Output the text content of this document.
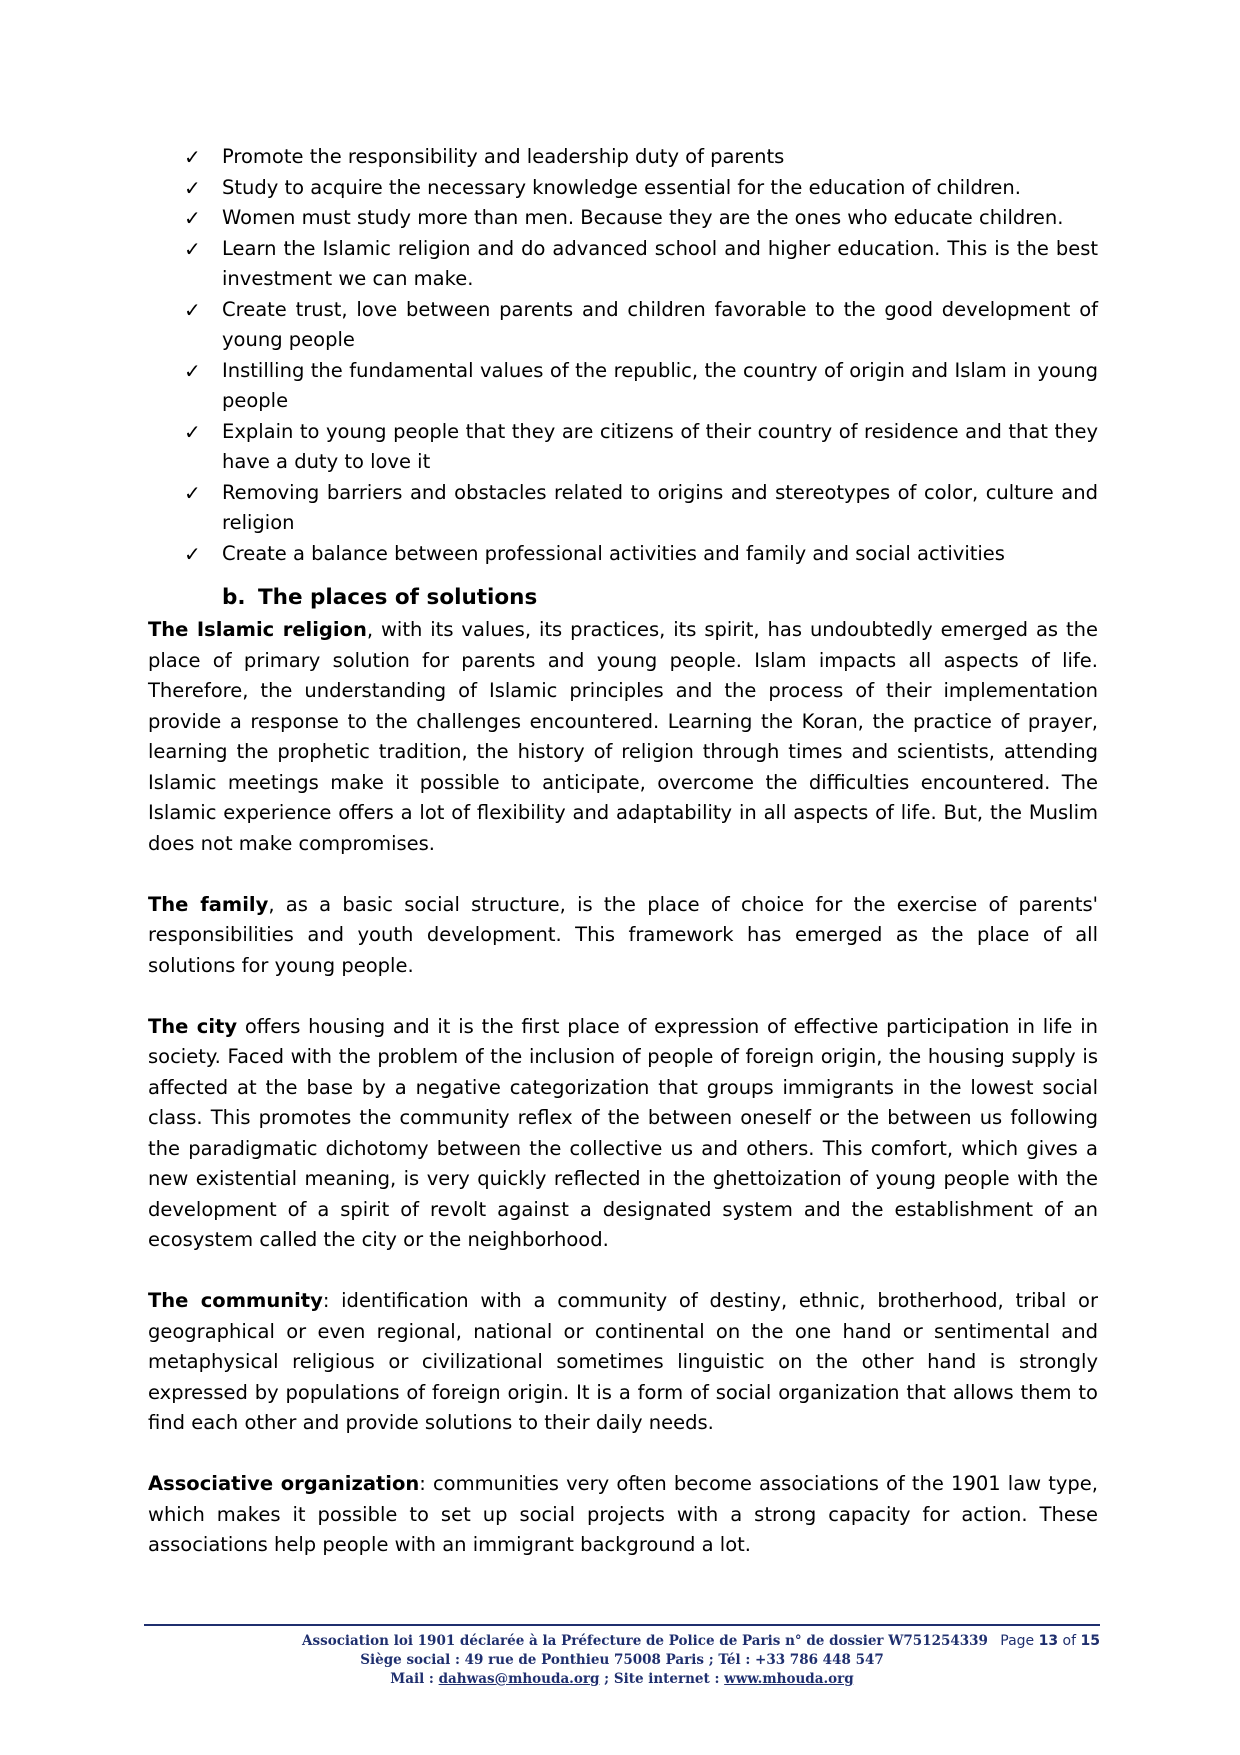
✓ Promote the responsibility and leadership duty of parents
✓ Study to acquire the necessary knowledge essential for the education of children.
✓ Women must study more than men. Because they are the ones who educate children.
✓ Learn the Islamic religion and do advanced school and higher education. This is the best investment we can make.
✓ Create trust, love between parents and children favorable to the good development of young people
✓ Instilling the fundamental values of the republic, the country of origin and Islam in young people
✓ Explain to young people that they are citizens of their country of residence and that they have a duty to love it
✓ Removing barriers and obstacles related to origins and stereotypes of color, culture and religion
✓ Create a balance between professional activities and family and social activities
b. The places of solutions

The Islamic religion, with its values, its practices, its spirit, has undoubtedly emerged as the place of primary solution for parents and young people. Islam impacts all aspects of life. Therefore, the understanding of Islamic principles and the process of their implementation provide a response to the challenges encountered. Learning the Koran, the practice of prayer, learning the prophetic tradition, the history of religion through times and scientists, attending Islamic meetings make it possible to anticipate, overcome the difficulties encountered. The Islamic experience offers a lot of flexibility and adaptability in all aspects of life. But, the Muslim does not make compromises.

The family, as a basic social structure, is the place of choice for the exercise of parents' responsibilities and youth development. This framework has emerged as the place of all solutions for young people.

The city offers housing and it is the first place of expression of effective participation in life in society. Faced with the problem of the inclusion of people of foreign origin, the housing supply is affected at the base by a negative categorization that groups immigrants in the lowest social class. This promotes the community reflex of the between oneself or the between us following the paradigmatic dichotomy between the collective us and others. This comfort, which gives a new existential meaning, is very quickly reflected in the ghettoization of young people with the development of a spirit of revolt against a designated system and the establishment of an ecosystem called the city or the neighborhood.

The community: identification with a community of destiny, ethnic, brotherhood, tribal or geographical or even regional, national or continental on the one hand or sentimental and metaphysical religious or civilizational sometimes linguistic on the other hand is strongly expressed by populations of foreign origin. It is a form of social organization that allows them to find each other and provide solutions to their daily needs.

Associative organization: communities very often become associations of the 1901 law type, which makes it possible to set up social projects with a strong capacity for action. These associations help people with an immigrant background a lot.

Association loi 1901 déclarée à la Préfecture de Police de Paris n° de dossier W751254339 Page 13 of 15
Siège social : 49 rue de Ponthieu 75008 Paris ; Tél : +33 786 448 547
Mail : dahwas@mhouda.org ; Site internet : www.mhouda.org
